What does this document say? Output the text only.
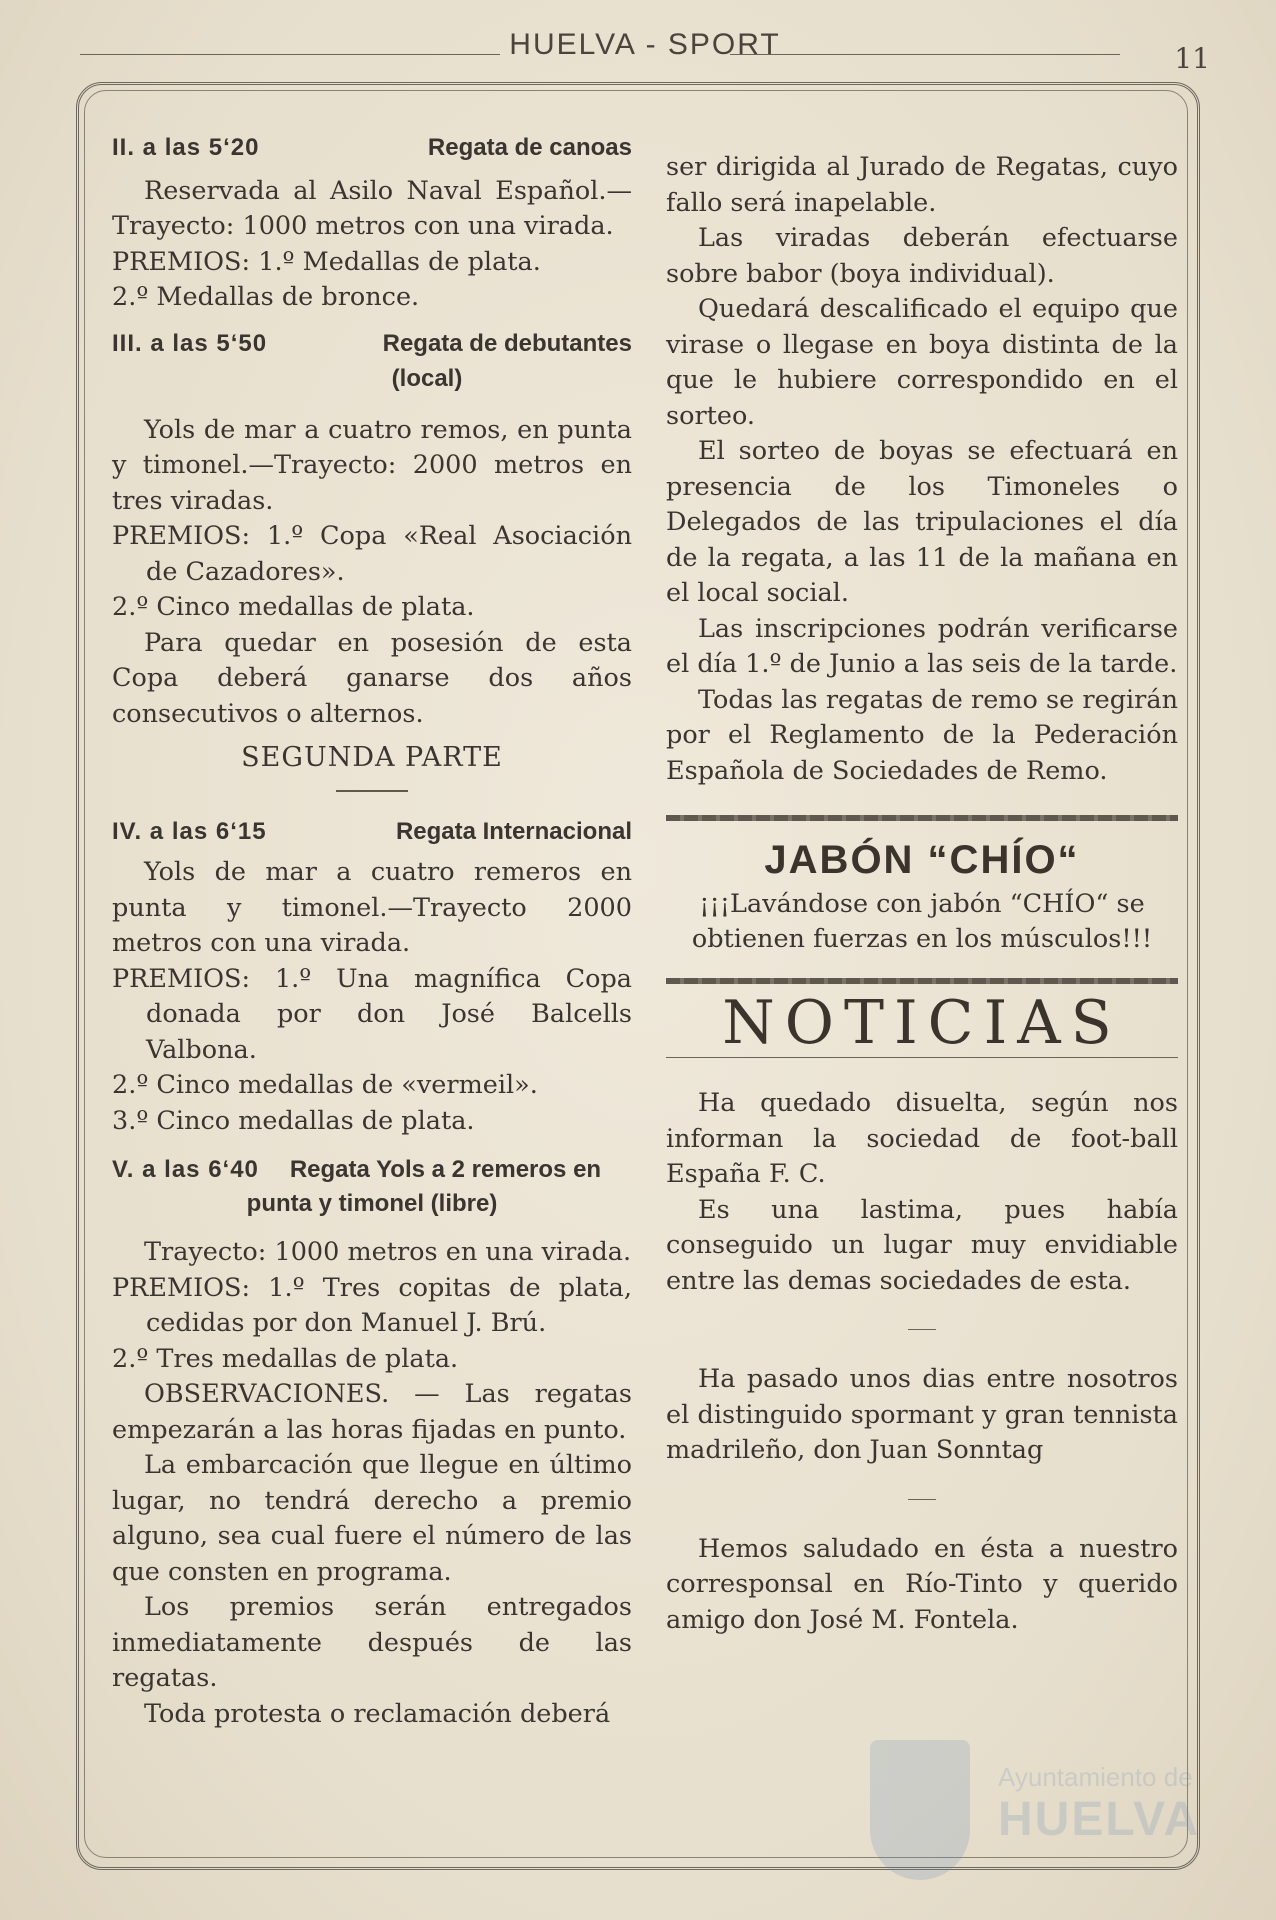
HUELVA - SPORT	11
II. a las 5‘20	Regata de canoas

Reservada al Asilo Naval Español.— Trayecto: 1000 metros con una virada.

PREMIOS: 1.º Medallas de plata.

2.º Medallas de bronce.

III. a las 5‘50	Regata de debutantes
(local)

Yols de mar a cuatro remos, en punta y timonel.—Trayecto: 2000 metros en tres viradas.

PREMIOS: 1.º Copa «Real Asociación de Cazadores».

2.º Cinco medallas de plata.

Para quedar en posesión de esta Copa deberá ganarse dos años consecutivos o alternos.

SEGUNDA PARTE
IV. a las 6‘15	Regata Internacional

Yols de mar a cuatro remeros en punta y timonel.—Trayecto 2000 metros con una virada.

PREMIOS: 1.º Una magnífica Copa donada por don José Balcells Valbona.

2.º Cinco medallas de «vermeil».

3.º Cinco medallas de plata.

V. a las 6‘40 Regata Yols a 2 remeros en punta y timonel (libre)

Trayecto: 1000 metros en una virada.

PREMIOS: 1.º Tres copitas de plata, cedidas por don Manuel J. Brú.

2.º Tres medallas de plata.

OBSERVACIONES. — Las regatas empezarán a las horas fijadas en punto.

La embarcación que llegue en último lugar, no tendrá derecho a premio alguno, sea cual fuere el número de las que consten en programa.

Los premios serán entregados inmediatamente después de las regatas.

Toda protesta o reclamación deberá

ser dirigida al Jurado de Regatas, cuyo fallo será inapelable.

Las viradas deberán efectuarse sobre babor (boya individual).

Quedará descalificado el equipo que virase o llegase en boya distinta de la que le hubiere correspondido en el sorteo.

El sorteo de boyas se efectuará en presencia de los Timoneles o Delegados de las tripulaciones el día de la regata, a las 11 de la mañana en el local social.

Las inscripciones podrán verificarse el día 1.º de Junio a las seis de la tarde.

Todas las regatas de remo se regirán por el Reglamento de la Pederación Española de Sociedades de Remo.

JABÓN “CHÍO“

¡¡¡Lavándose con jabón “CHÍO“ se obtienen fuerzas en los músculos!!!

NOTICIAS

Ha quedado disuelta, según nos informan la sociedad de foot-ball España F. C.

Es una lastima, pues había conseguido un lugar muy envidiable entre las demas sociedades de esta.

Ha pasado unos dias entre nosotros el distinguido spormant y gran tennista madrileño, don Juan Sonntag

Hemos saludado en ésta a nuestro corresponsal en Río-Tinto y querido amigo don José M. Fontela.

Ayuntamiento de
HUELVA
